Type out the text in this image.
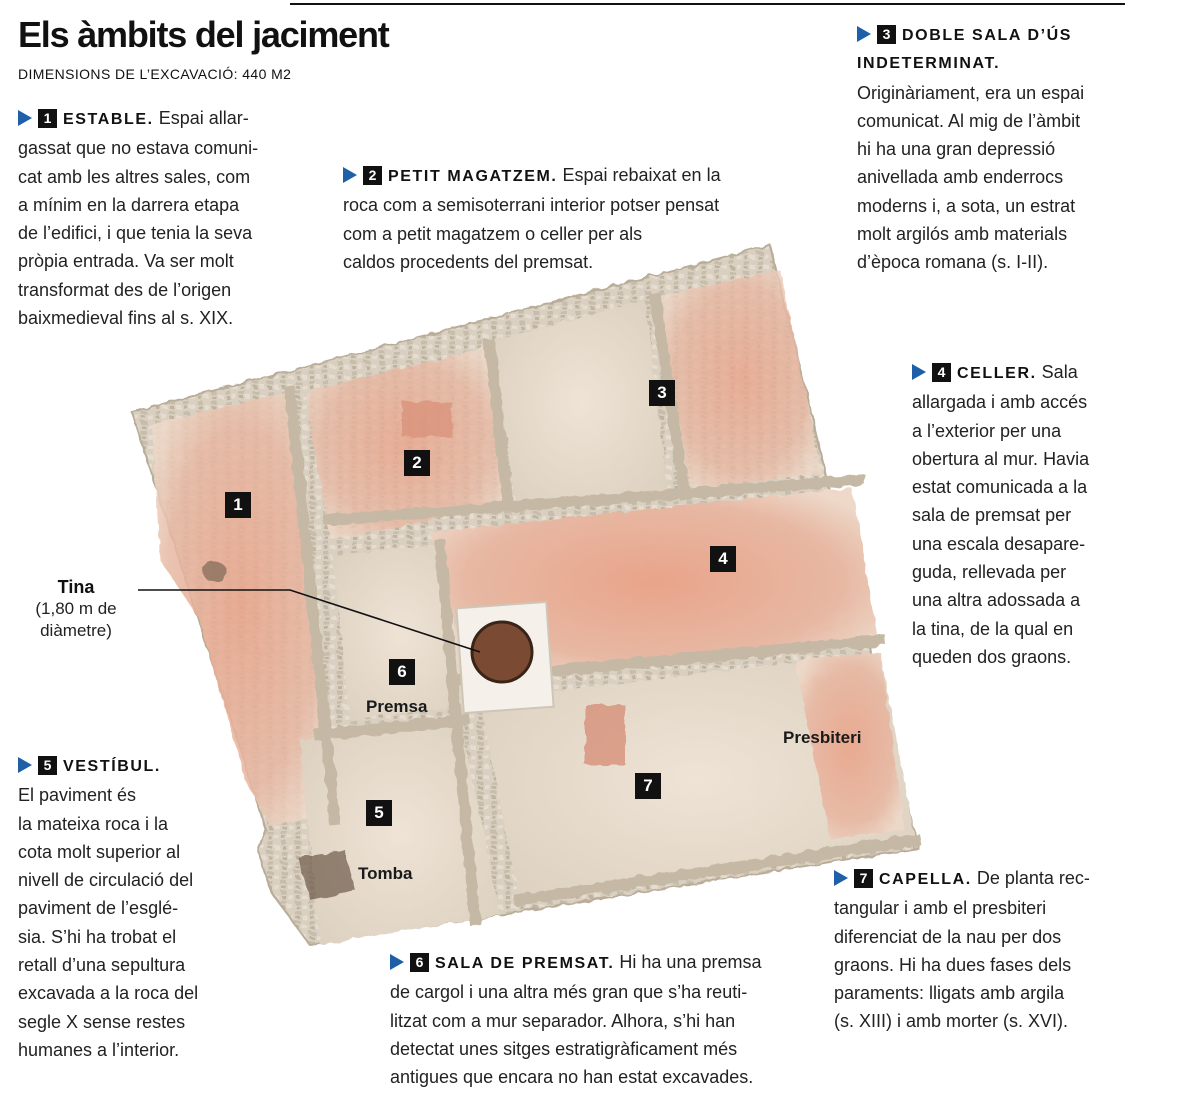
Els àmbits del jaciment
DIMENSIONS DE L’EXCAVACIÓ: 440 M2
Tina
(1,80 m de
diàmetre)
1
2
3
4
5
6
7
Premsa
Presbiteri
Tomba
1 ESTABLE. Espai allar-
gassat que no estava comuni-
cat amb les altres sales, com
a mínim en la darrera etapa
de l’edifici, i que tenia la seva
pròpia entrada. Va ser molt
transformat des de l’origen
baixmedieval fins al s. XIX.
2 PETIT MAGATZEM. Espai rebaixat en la
roca com a semisoterrani interior potser pensat
com a petit magatzem o celler per als
caldos procedents del premsat.
3 DOBLE SALA D’ÚS
INDETERMINAT.
Originàriament, era un espai
comunicat. Al mig de l’àmbit
hi ha una gran depressió
anivellada amb enderrocs
moderns i, a sota, un estrat
molt argilós amb materials
d’època romana (s. I-II).
4 CELLER. Sala
allargada i amb accés
a l’exterior per una
obertura al mur. Havia
estat comunicada a la
sala de premsat per
una escala desapare-
guda, rellevada per
una altra adossada a
la tina, de la qual en
queden dos graons.
5 VESTÍBUL.
El paviment és
la mateixa roca i la
cota molt superior al
nivell de circulació del
paviment de l’esglé-
sia. S’hi ha trobat el
retall d’una sepultura
excavada a la roca del
segle X sense restes
humanes a l’interior.
6 SALA DE PREMSAT. Hi ha una premsa
de cargol i una altra més gran que s’ha reuti-
litzat com a mur separador. Alhora, s’hi han
detectat unes sitges estratigràficament més
antigues que encara no han estat excavades.
7 CAPELLA. De planta rec-
tangular i amb el presbiteri
diferenciat de la nau per dos
graons. Hi ha dues fases dels
paraments: lligats amb argila
(s. XIII) i amb morter (s. XVI).
